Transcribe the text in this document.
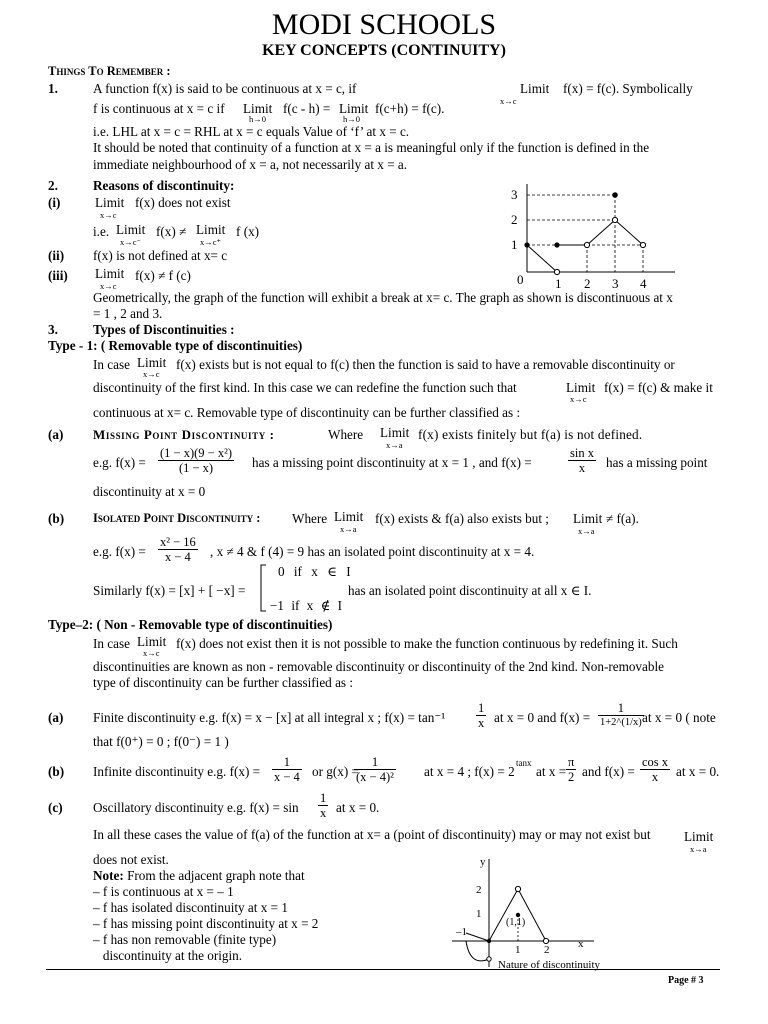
MODI SCHOOLS
KEY CONCEPTS (CONTINUITY)
Things To Remember :
1.	A function f(x) is said to be continuous at x = c, if	Limit
x→c
f(x) = f(c). Symbolically
f is continuous at x = c if Limit
h→0
f(c - h) = Limit
h→0
f(c+h) = f(c).
i.e. LHL at x = c = RHL at x = c equals Value of ‘f’ at x = c.
It should be noted that continuity of a function at x = a is meaningful only if the function is defined in the
immediate neighbourhood of x = a, not necessarily at x = a.
2.	Reasons of discontinuity:
(i)	Limit
x→c
f(x) does not exist
i.e. Limit
x→c⁻
f(x) ≠ Limit
x→c⁺
f (x)
(ii) f(x) is not defined at x= c
(iii) Limit
x→c
f(x) ≠ f (c)
3
2
1
0 1 2 3 4
Geometrically, the graph of the function will exhibit a break at x= c. The graph as shown is discontinuous at x
= 1 , 2 and 3.
3.	Types of Discontinuities :
Type - 1: ( Removable type of discontinuities)
In case Limit
x→c
f(x) exists but is not equal to f(c) then the function is said to have a removable discontinuity or
discontinuity of the first kind. In this case we can redefine the function such that	Limit
x→c
f(x) = f(c) & make it
continuous at x= c. Removable type of discontinuity can be further classified as :
(a) Missing Point Discontinuity :	Where Limit
x→a
f(x) exists finitely but f(a) is not defined.
e.g. $f(x) = \frac{\text{(1 − x)(9 − x²)}}{(1 - x)}$ has a missing point discontinuity at x = 1 , and f(x) =	$\frac{\text{sin x}}{x}$ has a missing point
discontinuity at x = 0
(b) Isolated Point Discontinuity : Where Limit
x→a
f(x) exists & f(a) also exists but ; Limit
x→a
≠ f(a).
e.g. $f(x) = \frac{\text{x² − 16}}{x - 4}$ , x ≠ 4 & f (4) = 9 has an isolated point discontinuity at x = 4.
Similarly f(x) = [x] + [ −x] =
0 if x ∈ I
−1 if x ∉ I
has an isolated point discontinuity at all x ∈ I.
Type–2: ( Non - Removable type of discontinuities)
In case Limit
x→c
f(x) does not exist then it is not possible to make the function continuous by redefining it. Such
discontinuities are known as non - removable discontinuity or discontinuity of the 2nd kind. Non-removable
type of discontinuity can be further classified as :
(a) Finite discontinuity e.g. f(x) = x − [x] at all integral x ; $f(x) = \tan^{-1} \frac{1}{x}$ at x = 0 and $f(x) = \frac{1}{1+2\^{}(1/x)}$
at x = 0 ( note
that f(0⁺) = 0 ; f(0⁻) = 1 )
(b) Infinite discontinuity e.g. $f(x) = \frac{1}{x - 4}$ or g(x) =
$\frac{1}{\text{(x − 4)²}}$ at x = 4 ; f(x) = 2
tanx
at $x = \frac{\pi}{2}$ and $f(x) = \frac{\text{cos x}}{x}$ at x = 0.
(c) Oscillatory discontinuity e.g. $f(x) = \sin \frac{1}{x}$ at x = 0.
In all these cases the value of f(a) of the function at x= a (point of discontinuity) may or may not exist but	Limit
x→a
does not exist.
Note: From the adjacent graph note that
– f is continuous at x = – 1
– f has isolated discontinuity at x = 1
– f has missing point discontinuity at x = 2
– f has non removable (finite type)
discontinuity at the origin.
y
x
2
1
–1
1 2
(1,1)
Nature of discontinuity
Page # 3
